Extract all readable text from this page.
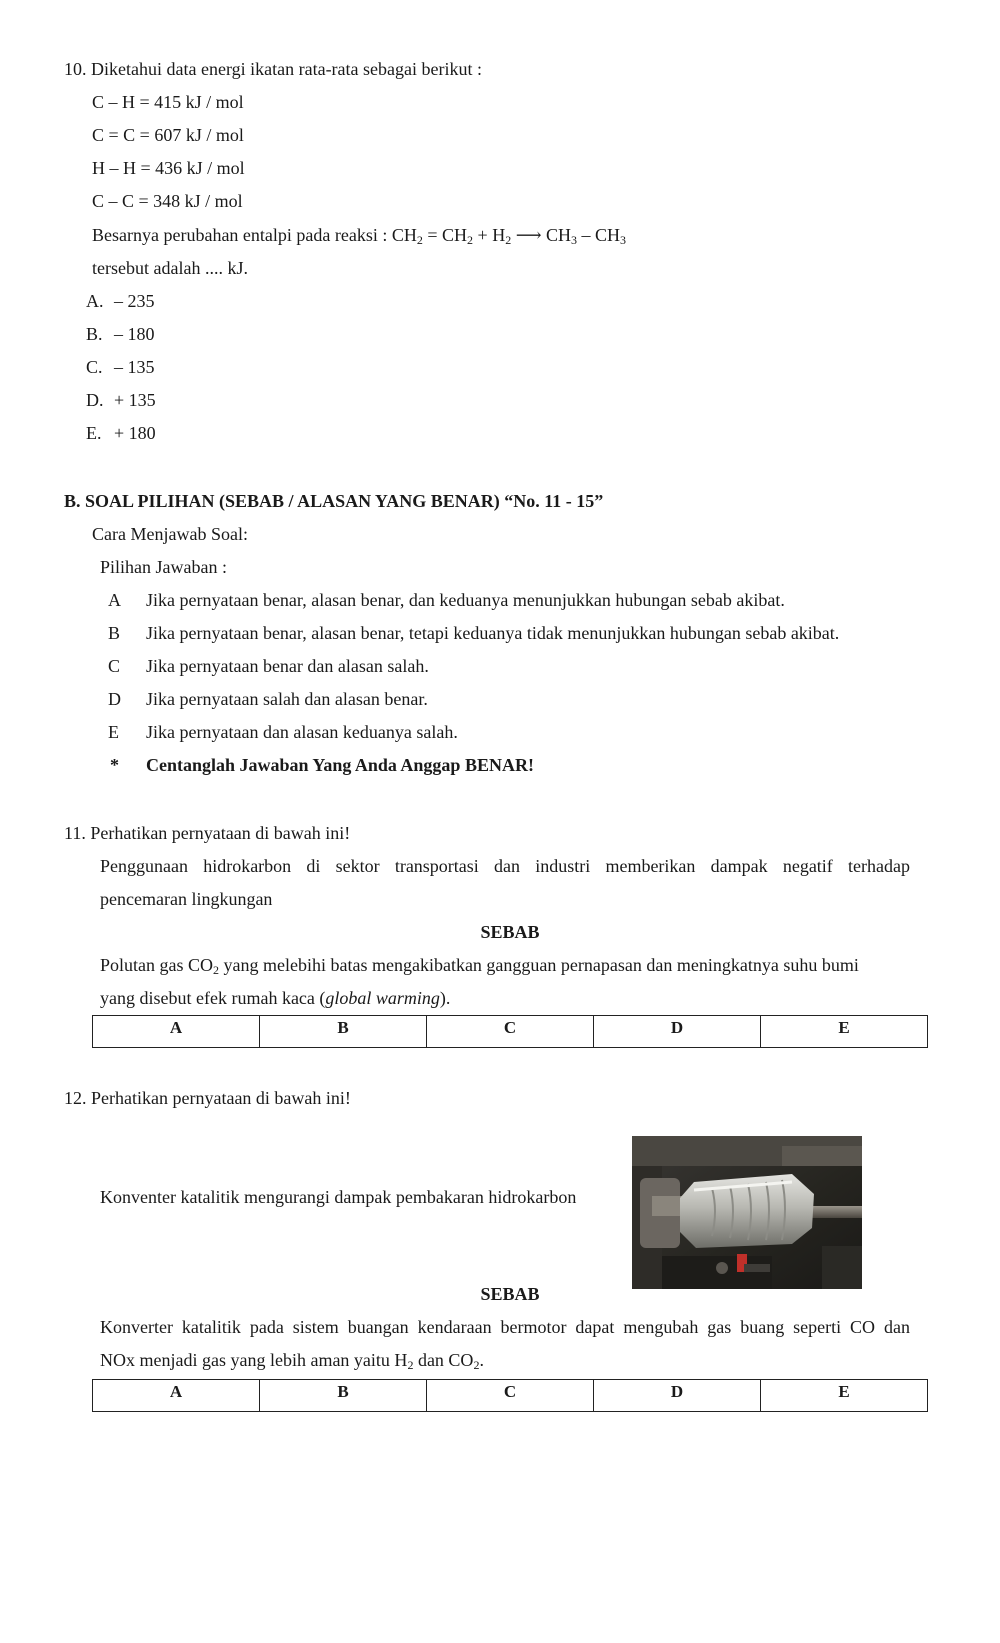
10. Diketahui data energi ikatan rata-rata sebagai berikut :
C – H = 415 kJ / mol
C = C = 607 kJ / mol
H – H = 436 kJ / mol
C – C = 348 kJ / mol
Besarnya perubahan entalpi pada reaksi : $CH_2 = CH_2 + H_2$ ⟶ $CH_3 - CH_3$
tersebut adalah .... kJ.
A. – 235
B. – 180
C. – 135
D. + 135
E. + 180
B. SOAL PILIHAN (SEBAB / ALASAN YANG BENAR) “No. 11 - 15”
Cara Menjawab Soal:
Pilihan Jawaban :
A Jika pernyataan benar, alasan benar, dan keduanya menunjukkan hubungan sebab akibat.
B Jika pernyataan benar, alasan benar, tetapi keduanya tidak menunjukkan hubungan sebab akibat.
C Jika pernyataan benar dan alasan salah.
D Jika pernyataan salah dan alasan benar.
E Jika pernyataan dan alasan keduanya salah.
* Centanglah Jawaban Yang Anda Anggap BENAR!
11. Perhatikan pernyataan di bawah ini!
Penggunaan hidrokarbon di sektor transportasi dan industri memberikan dampak negatif terhadap
pencemaran lingkungan
SEBAB
Polutan gas $CO_2$ yang melebihi batas mengakibatkan gangguan pernapasan dan meningkatnya suhu bumi
yang disebut efek rumah kaca (global warming).
A	B	C	D	E
12. Perhatikan pernyataan di bawah ini!
Konventer katalitik mengurangi dampak pembakaran hidrokarbon
SEBAB
Konverter katalitik pada sistem buangan kendaraan bermotor dapat mengubah gas buang seperti CO dan
NOx menjadi gas yang lebih aman yaitu $H_2$ dan $CO_2$.
A	B	C	D	E
